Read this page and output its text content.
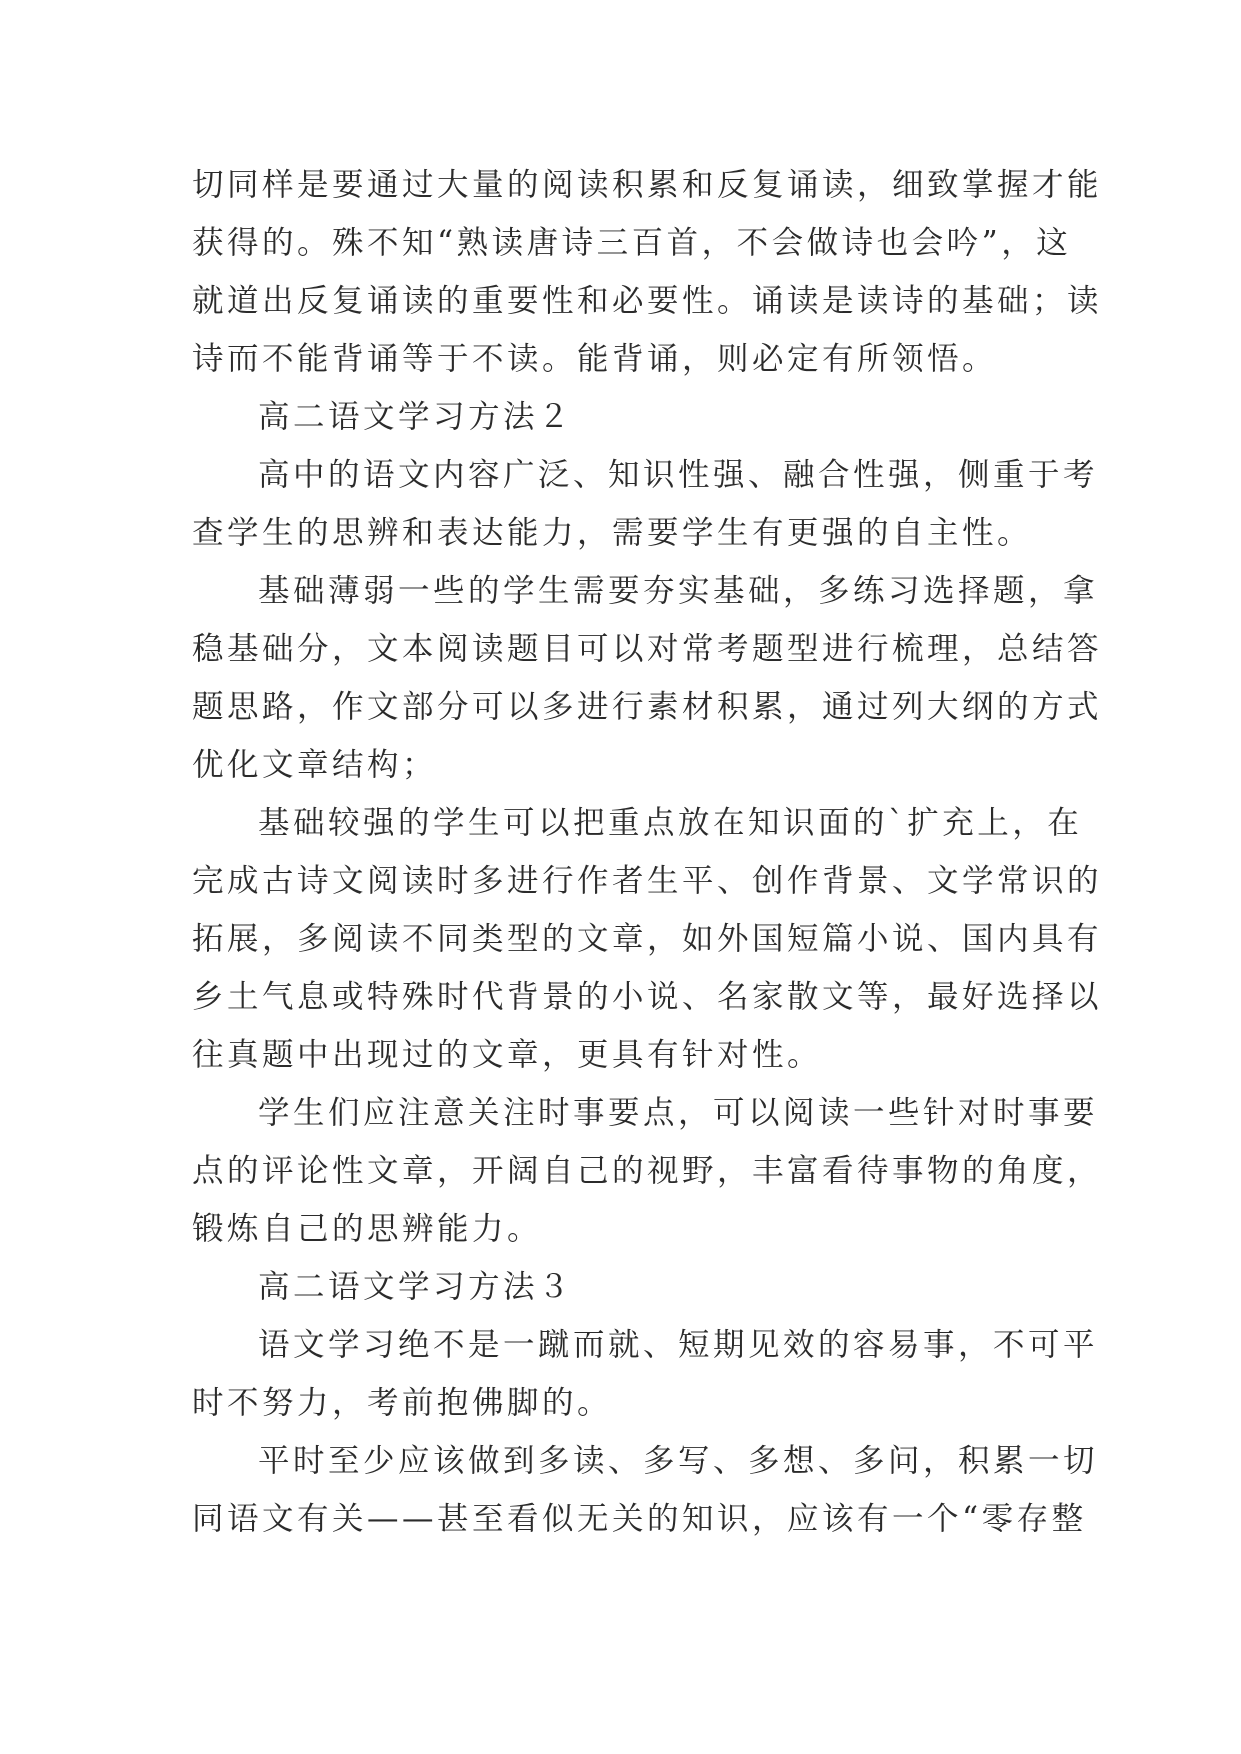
切同样是要通过大量的阅读积累和反复诵读，细致掌握才能
获得的。殊不知“熟读唐诗三百首，不会做诗也会吟”，这
就道出反复诵读的重要性和必要性。诵读是读诗的基础；读
诗而不能背诵等于不读。能背诵，则必定有所领悟。
高二语文学习方法２
高中的语文内容广泛、知识性强、融合性强，侧重于考
查学生的思辨和表达能力，需要学生有更强的自主性。
基础薄弱一些的学生需要夯实基础，多练习选择题，拿
稳基础分，文本阅读题目可以对常考题型进行梳理，总结答
题思路，作文部分可以多进行素材积累，通过列大纲的方式
优化文章结构；
基础较强的学生可以把重点放在知识面的`扩充上，在
完成古诗文阅读时多进行作者生平、创作背景、文学常识的
拓展，多阅读不同类型的文章，如外国短篇小说、国内具有
乡土气息或特殊时代背景的小说、名家散文等，最好选择以
往真题中出现过的文章，更具有针对性。
学生们应注意关注时事要点，可以阅读一些针对时事要
点的评论性文章，开阔自己的视野，丰富看待事物的角度，
锻炼自己的思辨能力。
高二语文学习方法３
语文学习绝不是一蹴而就、短期见效的容易事，不可平
时不努力，考前抱佛脚的。
平时至少应该做到多读、多写、多想、多问，积累一切
同语文有关——甚至看似无关的知识，应该有一个“零存整
